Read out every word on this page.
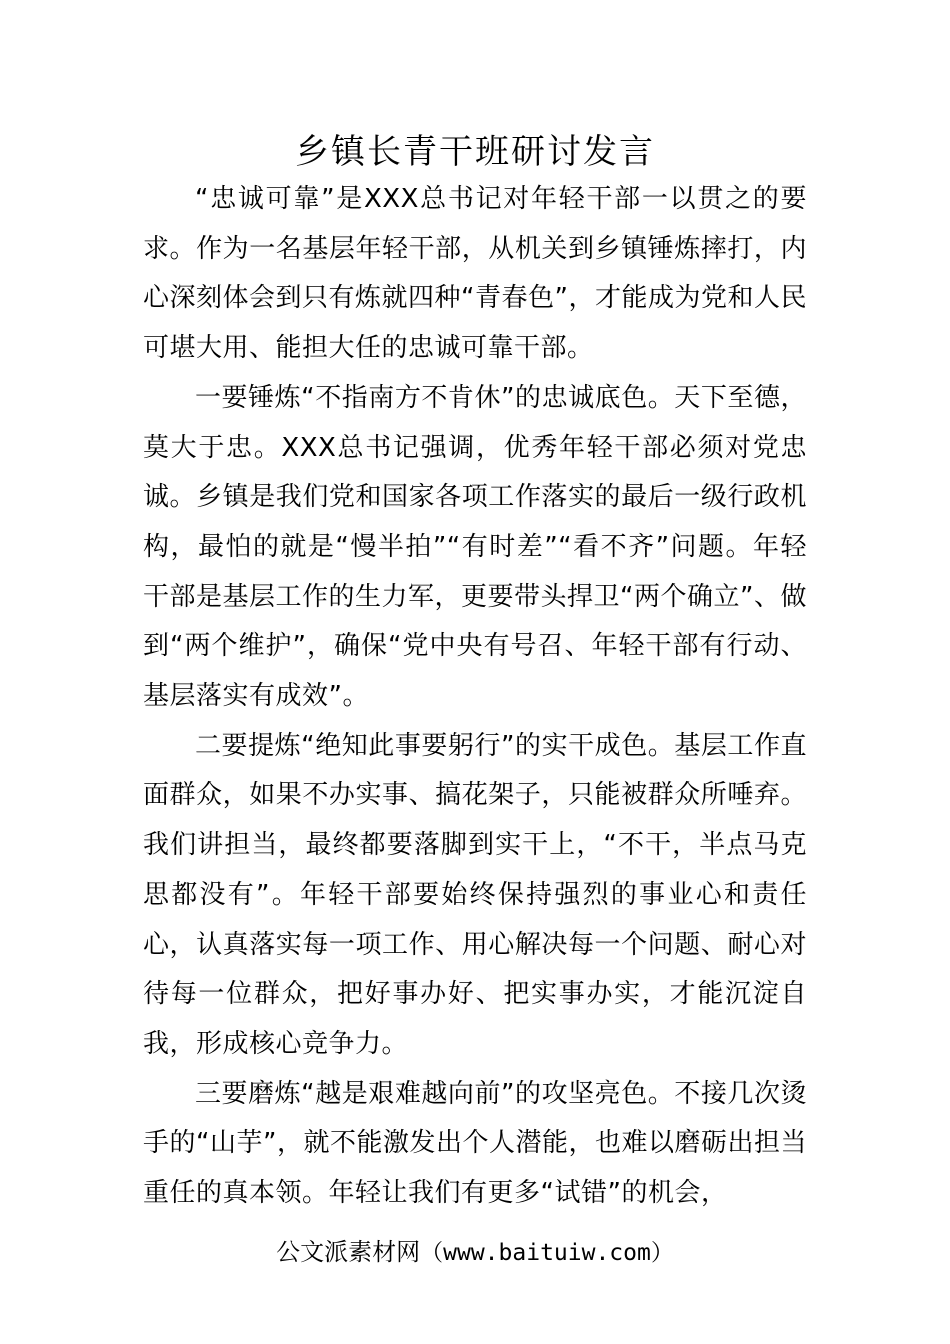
乡镇长青干班研讨发言

“忠诚可靠”是XXX总书记对年轻干部一以贯之的要求。作为一名基层年轻干部，从机关到乡镇锤炼摔打，内心深刻体会到只有炼就四种“青春色”，才能成为党和人民可堪大用、能担大任的忠诚可靠干部。

一要锤炼“不指南方不肯休”的忠诚底色。天下至德，莫大于忠。XXX总书记强调，优秀年轻干部必须对党忠诚。乡镇是我们党和国家各项工作落实的最后一级行政机构，最怕的就是“慢半拍”“有时差”“看不齐”问题。年轻干部是基层工作的生力军，更要带头捍卫“两个确立”、做到“两个维护”，确保“党中央有号召、年轻干部有行动、基层落实有成效”。

二要提炼“绝知此事要躬行”的实干成色。基层工作直面群众，如果不办实事、搞花架子，只能被群众所唾弃。我们讲担当，最终都要落脚到实干上，“不干，半点马克思都没有”。年轻干部要始终保持强烈的事业心和责任心，认真落实每一项工作、用心解决每一个问题、耐心对待每一位群众，把好事办好、把实事办实，才能沉淀自我，形成核心竞争力。

三要磨炼“越是艰难越向前”的攻坚亮色。不接几次烫手的“山芋”，就不能激发出个人潜能，也难以磨砺出担当重任的真本领。年轻让我们有更多“试错”的机会，

公文派素材网（www.baituiw.com）
